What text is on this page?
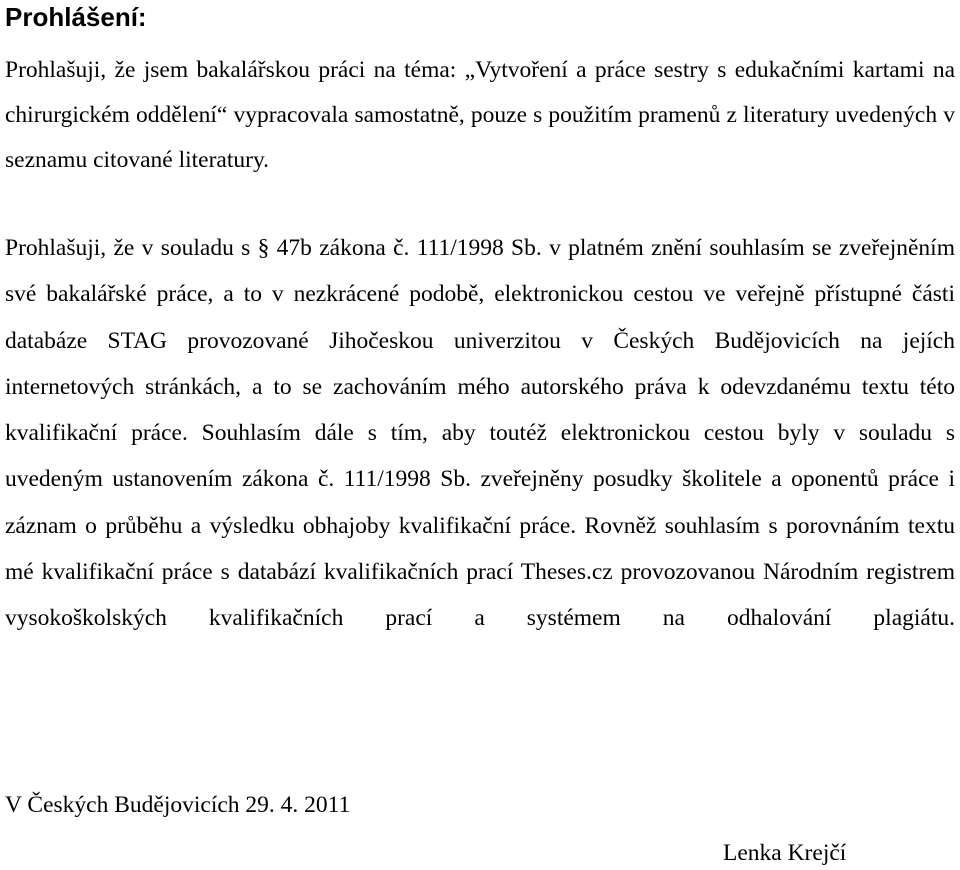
Prohlášení:

Prohlašuji, že jsem bakalářskou práci na téma: „Vytvoření a práce sestry s edukačními kartami na chirurgickém oddělení“ vypracovala samostatně, pouze s použitím pramenů z literatury uvedených v seznamu citované literatury.

Prohlašuji, že v souladu s § 47b zákona č. 111/1998 Sb. v platném znění souhlasím se zveřejněním své bakalářské práce, a to v nezkrácené podobě, elektronickou cestou ve veřejně přístupné části databáze STAG provozované Jihočeskou univerzitou v Českých Budějovicích na jejích internetových stránkách, a to se zachováním mého autorského práva k odevzdanému textu této kvalifikační práce. Souhlasím dále s tím, aby toutéž elektronickou cestou byly v souladu s uvedeným ustanovením zákona č. 111/1998 Sb. zveřejněny posudky školitele a oponentů práce i záznam o průběhu a výsledku obhajoby kvalifikační práce. Rovněž souhlasím s porovnáním textu mé kvalifikační práce s databází kvalifikačních prací Theses.cz provozovanou Národním registrem vysokoškolských kvalifikačních prací a systémem na odhalování plagiátu.

V Českých Budějovicích 29. 4. 2011

Lenka Krejčí
